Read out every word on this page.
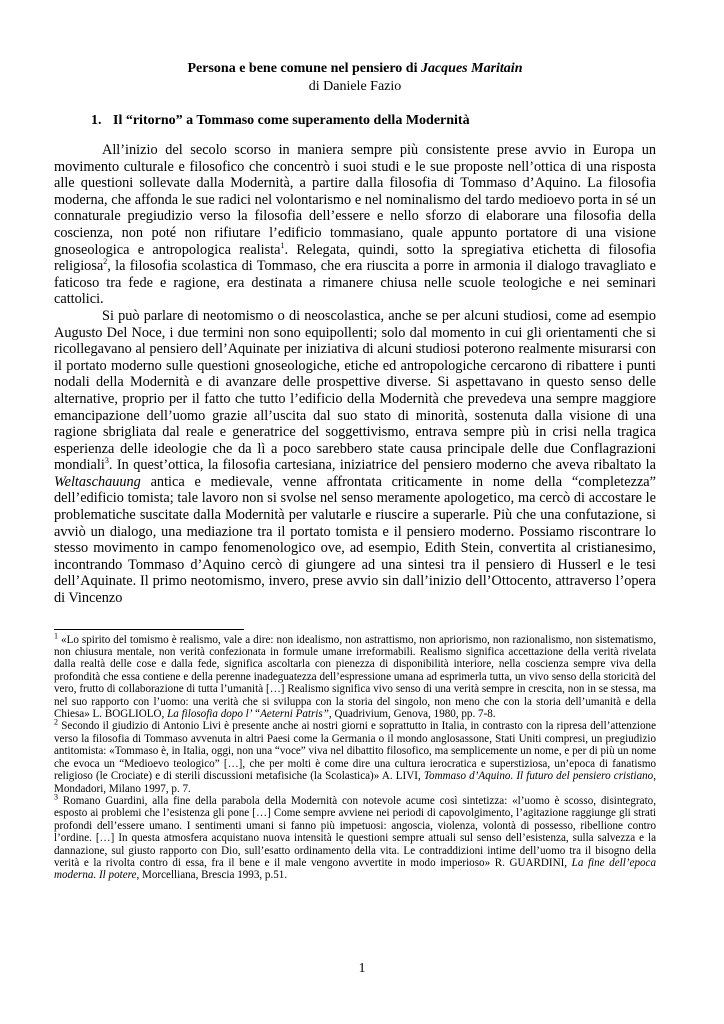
Persona e bene comune nel pensiero di Jacques Maritain

di Daniele Fazio

1. Il “ritorno” a Tommaso come superamento della Modernità

All’inizio del secolo scorso in maniera sempre più consistente prese avvio in Europa un movimento culturale e filosofico che concentrò i suoi studi e le sue proposte nell’ottica di una risposta alle questioni sollevate dalla Modernità, a partire dalla filosofia di Tommaso d’Aquino. La filosofia moderna, che affonda le sue radici nel volontarismo e nel nominalismo del tardo medioevo porta in sé un connaturale pregiudizio verso la filosofia dell’essere e nello sforzo di elaborare una filosofia della coscienza, non poté non rifiutare l’edificio tommasiano, quale appunto portatore di una visione gnoseologica e antropologica realista$^1$. Relegata, quindi, sotto la spregiativa etichetta di filosofia religiosa$^2$, la filosofia scolastica di Tommaso, che era riuscita a porre in armonia il dialogo travagliato e faticoso tra fede e ragione, era destinata a rimanere chiusa nelle scuole teologiche e nei seminari cattolici.

Si può parlare di neotomismo o di neoscolastica, anche se per alcuni studiosi, come ad esempio Augusto Del Noce, i due termini non sono equipollenti; solo dal momento in cui gli orientamenti che si ricollegavano al pensiero dell’Aquinate per iniziativa di alcuni studiosi poterono realmente misurarsi con il portato moderno sulle questioni gnoseologiche, etiche ed antropologiche cercarono di ribattere i punti nodali della Modernità e di avanzare delle prospettive diverse. Si aspettavano in questo senso delle alternative, proprio per il fatto che tutto l’edificio della Modernità che prevedeva una sempre maggiore emancipazione dell’uomo grazie all’uscita dal suo stato di minorità, sostenuta dalla visione di una ragione sbrigliata dal reale e generatrice del soggettivismo, entrava sempre più in crisi nella tragica esperienza delle ideologie che da lì a poco sarebbero state causa principale delle due Conflagrazioni mondiali$^3$. In quest’ottica, la filosofia cartesiana, iniziatrice del pensiero moderno che aveva ribaltato la Weltaschauung antica e medievale, venne affrontata criticamente in nome della “completezza” dell’edificio tomista; tale lavoro non si svolse nel senso meramente apologetico, ma cercò di accostare le problematiche suscitate dalla Modernità per valutarle e riuscire a superarle. Più che una confutazione, si avviò un dialogo, una mediazione tra il portato tomista e il pensiero moderno. Possiamo riscontrare lo stesso movimento in campo fenomenologico ove, ad esempio, Edith Stein, convertita al cristianesimo, incontrando Tommaso d’Aquino cercò di giungere ad una sintesi tra il pensiero di Husserl e le tesi dell’Aquinate. Il primo neotomismo, invero, prese avvio sin dall’inizio dell’Ottocento, attraverso l’opera di Vincenzo

$^1$ «Lo spirito del tomismo è realismo, vale a dire: non idealismo, non astrattismo, non apriorismo, non razionalismo, non sistematismo, non chiusura mentale, non verità confezionata in formule umane irreformabili. Realismo significa accettazione della verità rivelata dalla realtà delle cose e dalla fede, significa ascoltarla con pienezza di disponibilità interiore, nella coscienza sempre viva della profondità che essa contiene e della perenne inadeguatezza dell’espressione umana ad esprimerla tutta, un vivo senso della storicità del vero, frutto di collaborazione di tutta l’umanità […] Realismo significa vivo senso di una verità sempre in crescita, non in se stessa, ma nel suo rapporto con l’uomo: una verità che si sviluppa con la storia del singolo, non meno che con la storia dell’umanità e della Chiesa» L. BOGLIOLO, La filosofia dopo l’ “Aeterni Patris”, Quadrivium, Genova, 1980, pp. 7-8.

$^2$ Secondo il giudizio di Antonio Livi è presente anche ai nostri giorni e soprattutto in Italia, in contrasto con la ripresa dell’attenzione verso la filosofia di Tommaso avvenuta in altri Paesi come la Germania o il mondo anglosassone, Stati Uniti compresi, un pregiudizio antitomista: «Tommaso è, in Italia, oggi, non una “voce” viva nel dibattito filosofico, ma semplicemente un nome, e per di più un nome che evoca un “Medioevo teologico” […], che per molti è come dire una cultura ierocratica e superstiziosa, un’epoca di fanatismo religioso (le Crociate) e di sterili discussioni metafisiche (la Scolastica)» A. LIVI, Tommaso d’Aquino. Il futuro del pensiero cristiano, Mondadori, Milano 1997, p. 7.

$^3$ Romano Guardini, alla fine della parabola della Modernità con notevole acume così sintetizza: «l’uomo è scosso, disintegrato, esposto ai problemi che l’esistenza gli pone […] Come sempre avviene nei periodi di capovolgimento, l’agitazione raggiunge gli strati profondi dell’essere umano. I sentimenti umani si fanno più impetuosi: angoscia, violenza, volontà di possesso, ribellione contro l’ordine. […] In questa atmosfera acquistano nuova intensità le questioni sempre attuali sul senso dell’esistenza, sulla salvezza e la dannazione, sul giusto rapporto con Dio, sull’esatto ordinamento della vita. Le contraddizioni intime dell’uomo tra il bisogno della verità e la rivolta contro di essa, fra il bene e il male vengono avvertite in modo imperioso» R. GUARDINI, La fine dell’epoca moderna. Il potere, Morcelliana, Brescia 1993, p.51.

1
